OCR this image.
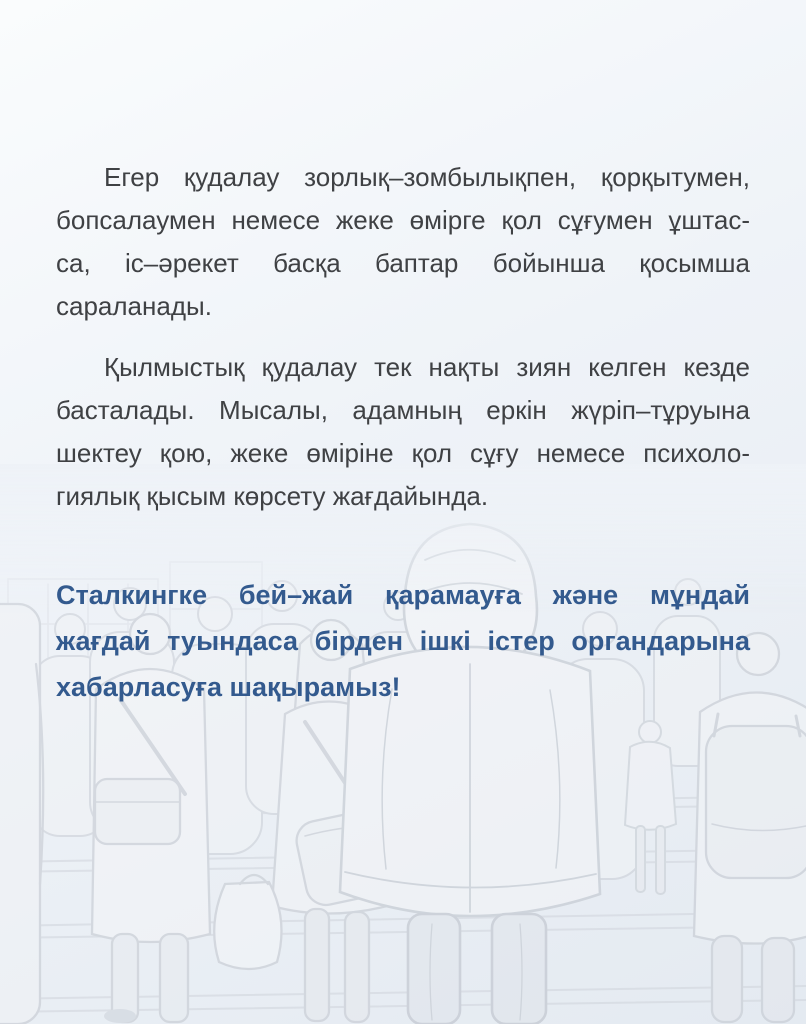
Егер қудалау зорлық–зомбылықпен, қорқытумен,
бопсалаумен немесе жеке өмірге қол сұғумен ұштас-
са, іс–әрекет басқа баптар бойынша қосымша
сараланады.
Қылмыстық қудалау тек нақты зиян келген кезде
басталады. Мысалы, адамның еркін жүріп–тұруына
шектеу қою, жеке өміріне қол сұғу немесе психоло-
гиялық қысым көрсету жағдайында.
Сталкингке бей–жай қарамауға және мұндай
жағдай туындаса бірден ішкі істер органдарына
хабарласуға шақырамыз!
